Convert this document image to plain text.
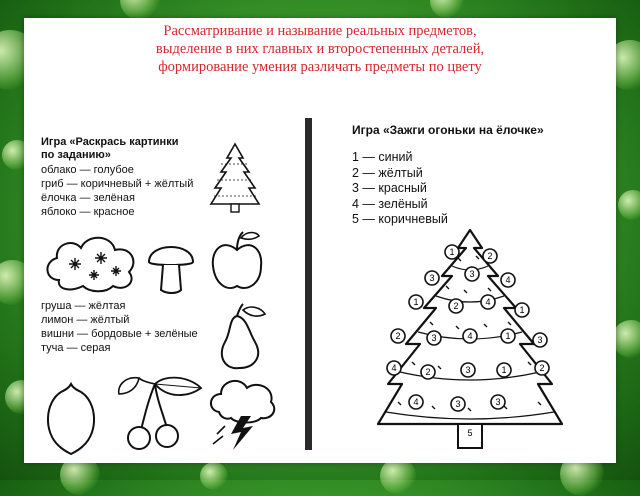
Рассматривание и называние реальных предметов,
выделение в них главных и второстепенных деталей,
формирование умения различать предметы по цвету
Игра «Раскрась картинки
по заданию»
облако — голубое
гриб — коричневый + жёлтый
ёлочка — зелёная
яблоко — красное
груша — жёлтая
лимон — жёлтый
вишни — бордовые + зелёные
туча — серая
Игра «Зажги огоньки на ёлочке»
1 — синий
2 — жёлтый
3 — красный
4 — зелёный
5 — коричневый
1	2
3	3
4
1	2	4
1
2	3	4	1	3
4	2	3	1	2
4	3	3
5
